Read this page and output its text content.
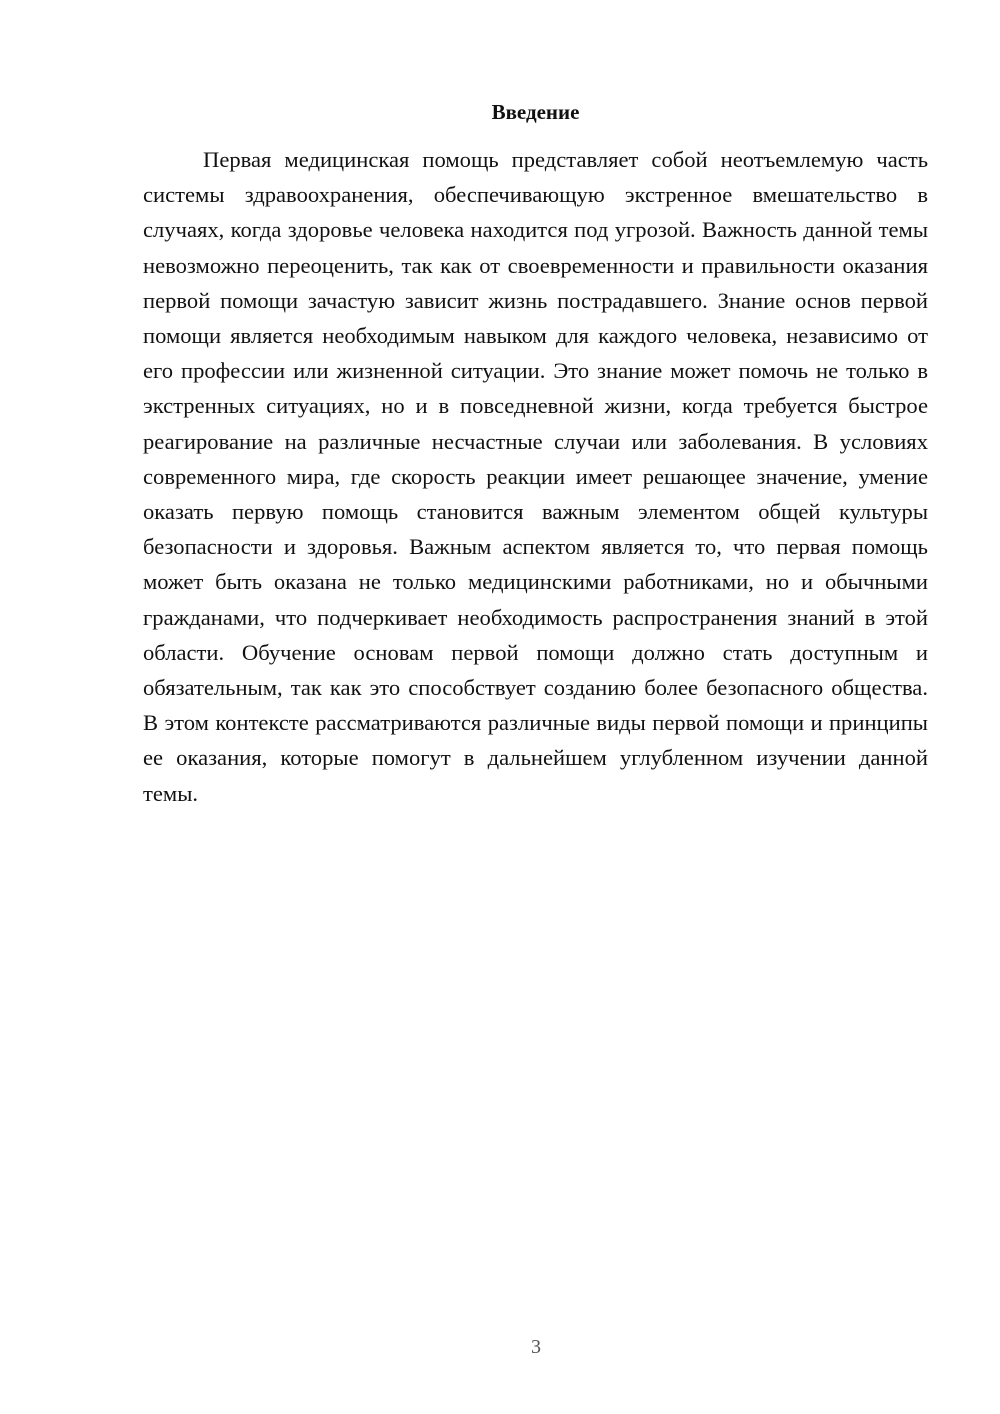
Введение

Первая медицинская помощь представляет собой неотъемлемую часть системы здравоохранения, обеспечивающую экстренное вмешательство в случаях, когда здоровье человека находится под угрозой. Важность данной темы невозможно переоценить, так как от своевременности и правильности оказания первой помощи зачастую зависит жизнь пострадавшего. Знание основ первой помощи является необходимым навыком для каждого человека, независимо от его профессии или жизненной ситуации. Это знание может помочь не только в экстренных ситуациях, но и в повседневной жизни, когда требуется быстрое реагирование на различные несчастные случаи или заболевания. В условиях современного мира, где скорость реакции имеет решающее значение, умение оказать первую помощь становится важным элементом общей культуры безопасности и здоровья. Важным аспектом является то, что первая помощь может быть оказана не только медицинскими работниками, но и обычными гражданами, что подчеркивает необходимость распространения знаний в этой области. Обучение основам первой помощи должно стать доступным и обязательным, так как это способствует созданию более безопасного общества. В этом контексте рассматриваются различные виды первой помощи и принципы ее оказания, которые помогут в дальнейшем углубленном изучении данной темы.

3
